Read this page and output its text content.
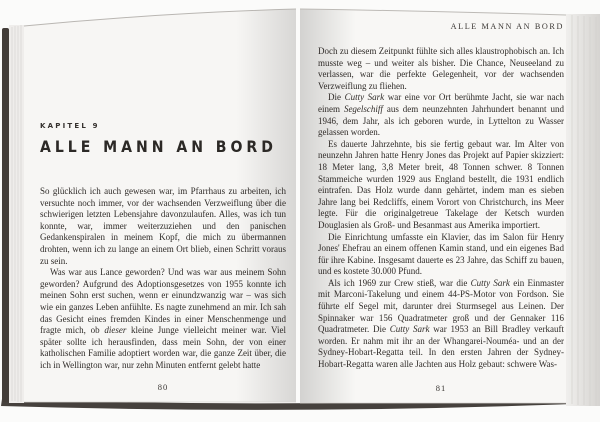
KAPITEL 9
ALLE MANN AN BORD

So glücklich ich auch gewesen war, im Pfarrhaus zu arbeiten, ich versuchte noch immer, vor der wachsenden Verzweiflung über die schwierigen letzten Lebensjahre davonzulaufen. Alles, was ich tun konnte, war, immer weiterzuziehen und den panischen Gedankenspiralen in meinem Kopf, die mich zu übermannen drohten, wenn ich zu lange an einem Ort blieb, einen Schritt voraus zu sein.

Was war aus Lance geworden? Und was war aus meinem Sohn geworden? Aufgrund des Adoptionsgesetzes von 1955 konnte ich meinen Sohn erst suchen, wenn er einundzwanzig war – was sich wie ein ganzes Leben anfühlte. Es nagte zunehmend an mir. Ich sah das Gesicht eines fremden Kindes in einer Menschenmenge und fragte mich, ob dieser kleine Junge vielleicht meiner war. Viel später sollte ich herausfinden, dass mein Sohn, der von einer katholischen Familie adoptiert worden war, die ganze Zeit über, die ich in Wellington war, nur zehn Minuten entfernt gelebt hatte

80
ALLE MANN AN BORD

Doch zu diesem Zeitpunkt fühlte sich alles klaustrophobisch an. Ich musste weg – und weiter als bisher. Die Chance, Neuseeland zu verlassen, war die perfekte Gelegenheit, vor der wachsenden Verzweiflung zu fliehen.

Die Cutty Sark war eine vor Ort berühmte Jacht, sie war nach einem Segelschiff aus dem neunzehnten Jahrhundert benannt und 1946, dem Jahr, als ich geboren wurde, in Lyttelton zu Wasser gelassen worden.

Es dauerte Jahrzehnte, bis sie fertig gebaut war. Im Alter von neunzehn Jahren hatte Henry Jones das Projekt auf Papier skizziert: 18 Meter lang, 3,8 Meter breit, 48 Tonnen schwer. 8 Tonnen Stammeiche wurden 1929 aus England bestellt, die 1931 endlich eintrafen. Das Holz wurde dann gehärtet, indem man es sieben Jahre lang bei Redcliffs, einem Vorort von Christchurch, ins Meer legte. Für die originalgetreue Takelage der Ketsch wurden Douglasien als Groß- und Besanmast aus Amerika importiert.

Die Einrichtung umfasste ein Klavier, das im Salon für Henry Jones' Ehefrau an einem offenen Kamin stand, und ein eigenes Bad für ihre Kabine. Insgesamt dauerte es 23 Jahre, das Schiff zu bauen, und es kostete 30.000 Pfund.

Als ich 1969 zur Crew stieß, war die Cutty Sark ein Einmaster mit Marconi-Takelung und einem 44-PS-Motor von Fordson. Sie führte elf Segel mit, darunter drei Sturmsegel aus Leinen. Der Spinnaker war 156 Quadratmeter groß und der Gennaker 116 Quadratmeter. Die Cutty Sark war 1953 an Bill Bradley verkauft worden. Er nahm mit ihr an der Whangarei-Nouméa- und an der Sydney-Hobart-Regatta teil. In den ersten Jahren der Sydney-Hobart-Regatta waren alle Jachten aus Holz gebaut: schwere Was-

81
